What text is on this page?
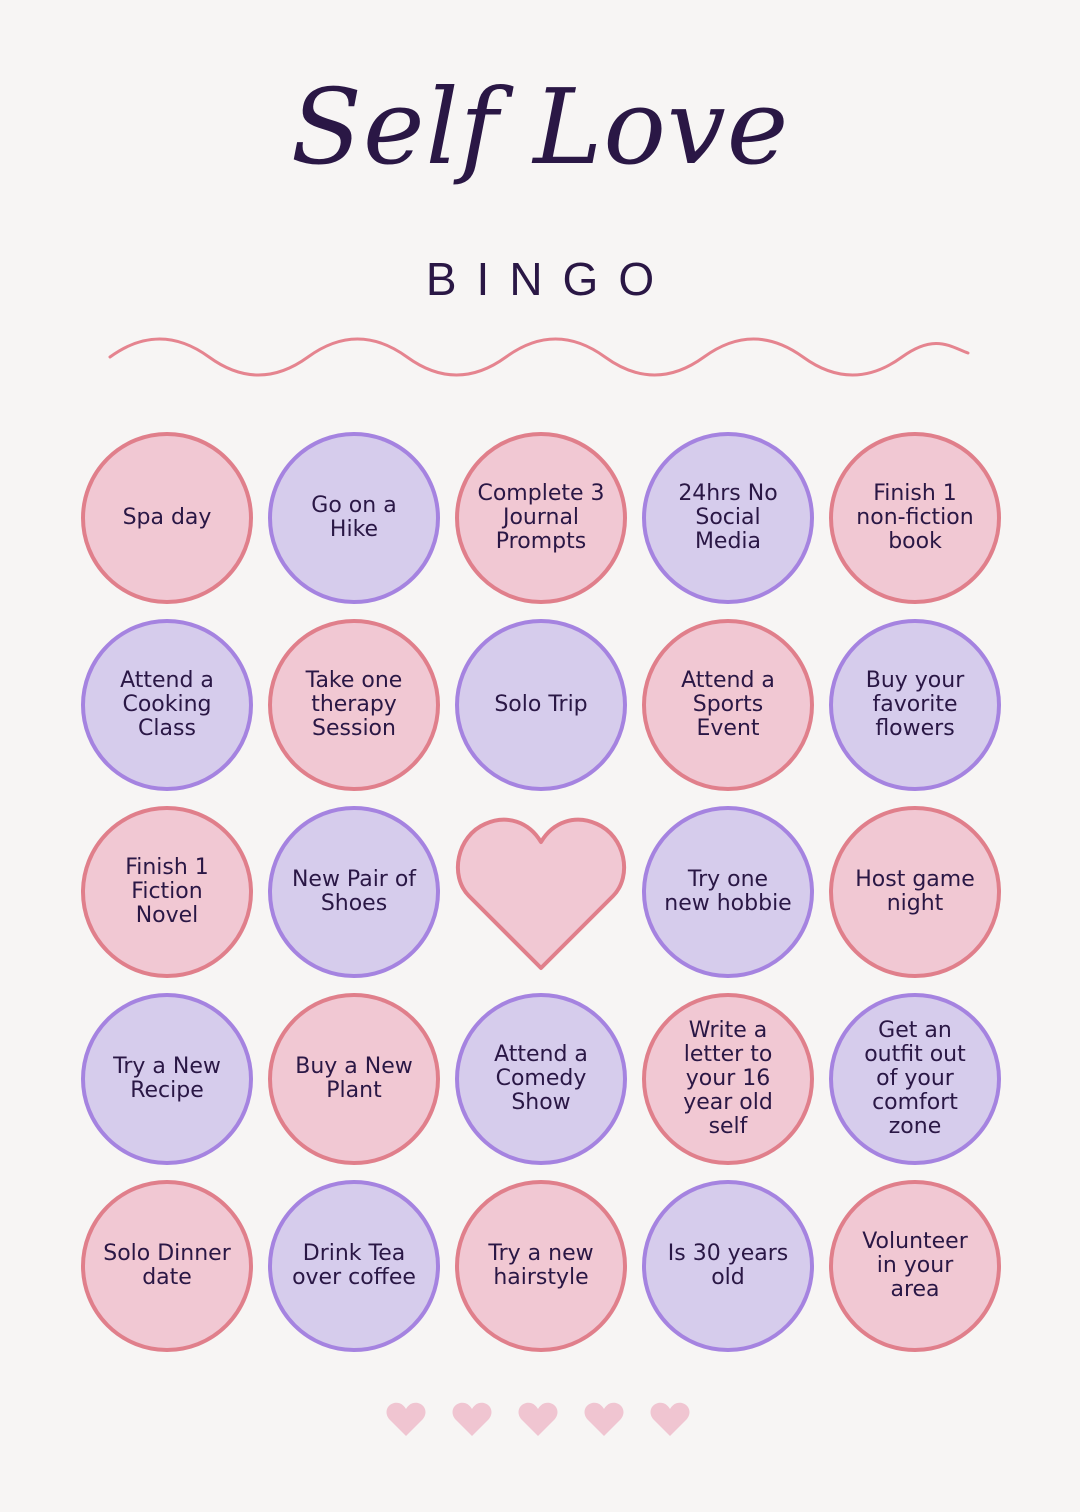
Self Love
BINGO
Spa day	Go on a Hike
Complete 3 Journal Prompts
24hrs No Social Media
Finish 1 non-fiction book
Attend a Cooking Class
Take one therapy Session
Solo Trip
Attend a Sports Event
Buy your favorite flowers
Finish 1 Fiction Novel
New Pair of Shoes
Try one new hobbie
Host game night
Try a New Recipe
Buy a New Plant
Attend a Comedy Show
Write a letter to your 16 year old self
Get an outfit out of your comfort zone
Solo Dinner date
Drink Tea over coffee
Try a new hairstyle
Is 30 years old
Volunteer in your area
